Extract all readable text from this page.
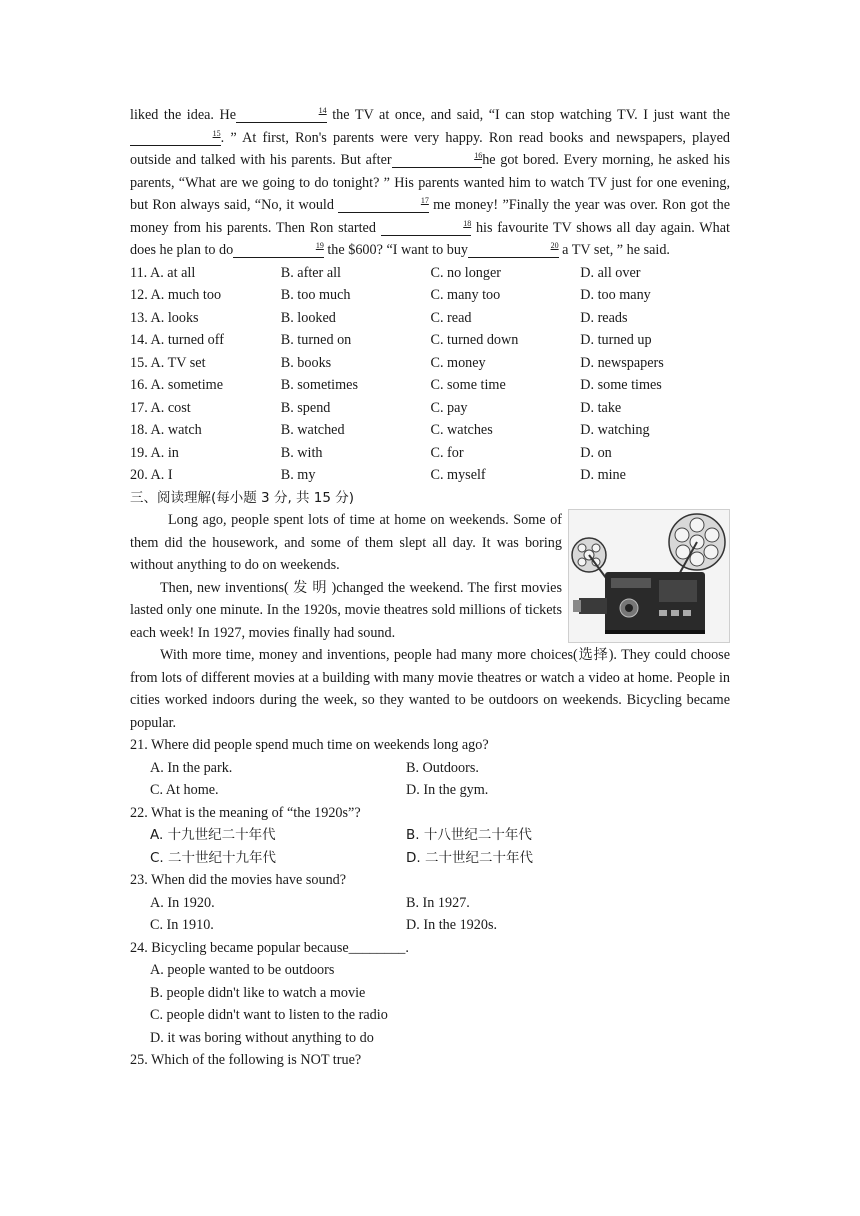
liked the idea. He	$^{14}$ the TV at once, and said, “I can stop watching TV. I just want the                        $^{15}$. ” At first, Ron's parents were very happy. Ron read books and newspapers, played outside and talked with his parents. But after	$^{16}$he got bored. Every morning, he asked his parents, “What are we going to do tonight? ” His parents wanted him to watch TV just for one evening, but Ron always said, “No, it would	$^{17}$ me money! ”Finally the year was over. Ron got the money from his parents. Then Ron started	$^{18}$ his favourite TV shows all day again. What does he plan to do	$^{19}$ the $600? “I want to buy	$^{20}$ a TV set, ” he said.

11. A. at all	B. after all	C. no longer	D. all over
12. A. much too	B. too much	C. many too	D. too many
13. A. looks	B. looked	C. read	D. reads
14. A. turned off	B. turned on	C. turned down	D. turned up
15. A. TV set	B. books	C. money	D. newspapers
16. A. sometime	B. sometimes	C. some time	D. some times
17. A. cost	B. spend	C. pay	D. take
18. A. watch	B. watched	C. watches	D. watching
19. A. in	B. with	C. for	D. on
20. A. I	B. my	C. myself	D. mine

三、阅读理解(每小题 3 分, 共 15 分)

Long ago, people spent lots of time at home on weekends. Some of them did the housework, and some of them slept all day. It was boring without anything to do on weekends.

Then, new inventions( 发 明 )changed the weekend. The first movies lasted only one minute. In the 1920s, movie theatres sold millions of tickets each week! In 1927, movies finally had sound.

With more time, money and inventions, people had many more choices(选择). They could choose from lots of different movies at a building with many movie theatres or watch a video at home. People in cities worked indoors during the week, so they wanted to be outdoors on weekends. Bicycling became popular.

21. Where did people spend much time on weekends long ago?

A. In the park.	B. Outdoors.
C. At home.	D. In the gym.

22. What is the meaning of “the 1920s”?

A. 十九世纪二十年代	B. 十八世纪二十年代
C. 二十世纪十九年代	D. 二十世纪二十年代

23. When did the movies have sound?

A. In 1920.	B. In 1927.
C. In 1910.	D. In the 1920s.

24. Bicycling became popular because________.

A. people wanted to be outdoors
B. people didn't like to watch a movie
C. people didn't want to listen to the radio
D. it was boring without anything to do

25. Which of the following is NOT true?
